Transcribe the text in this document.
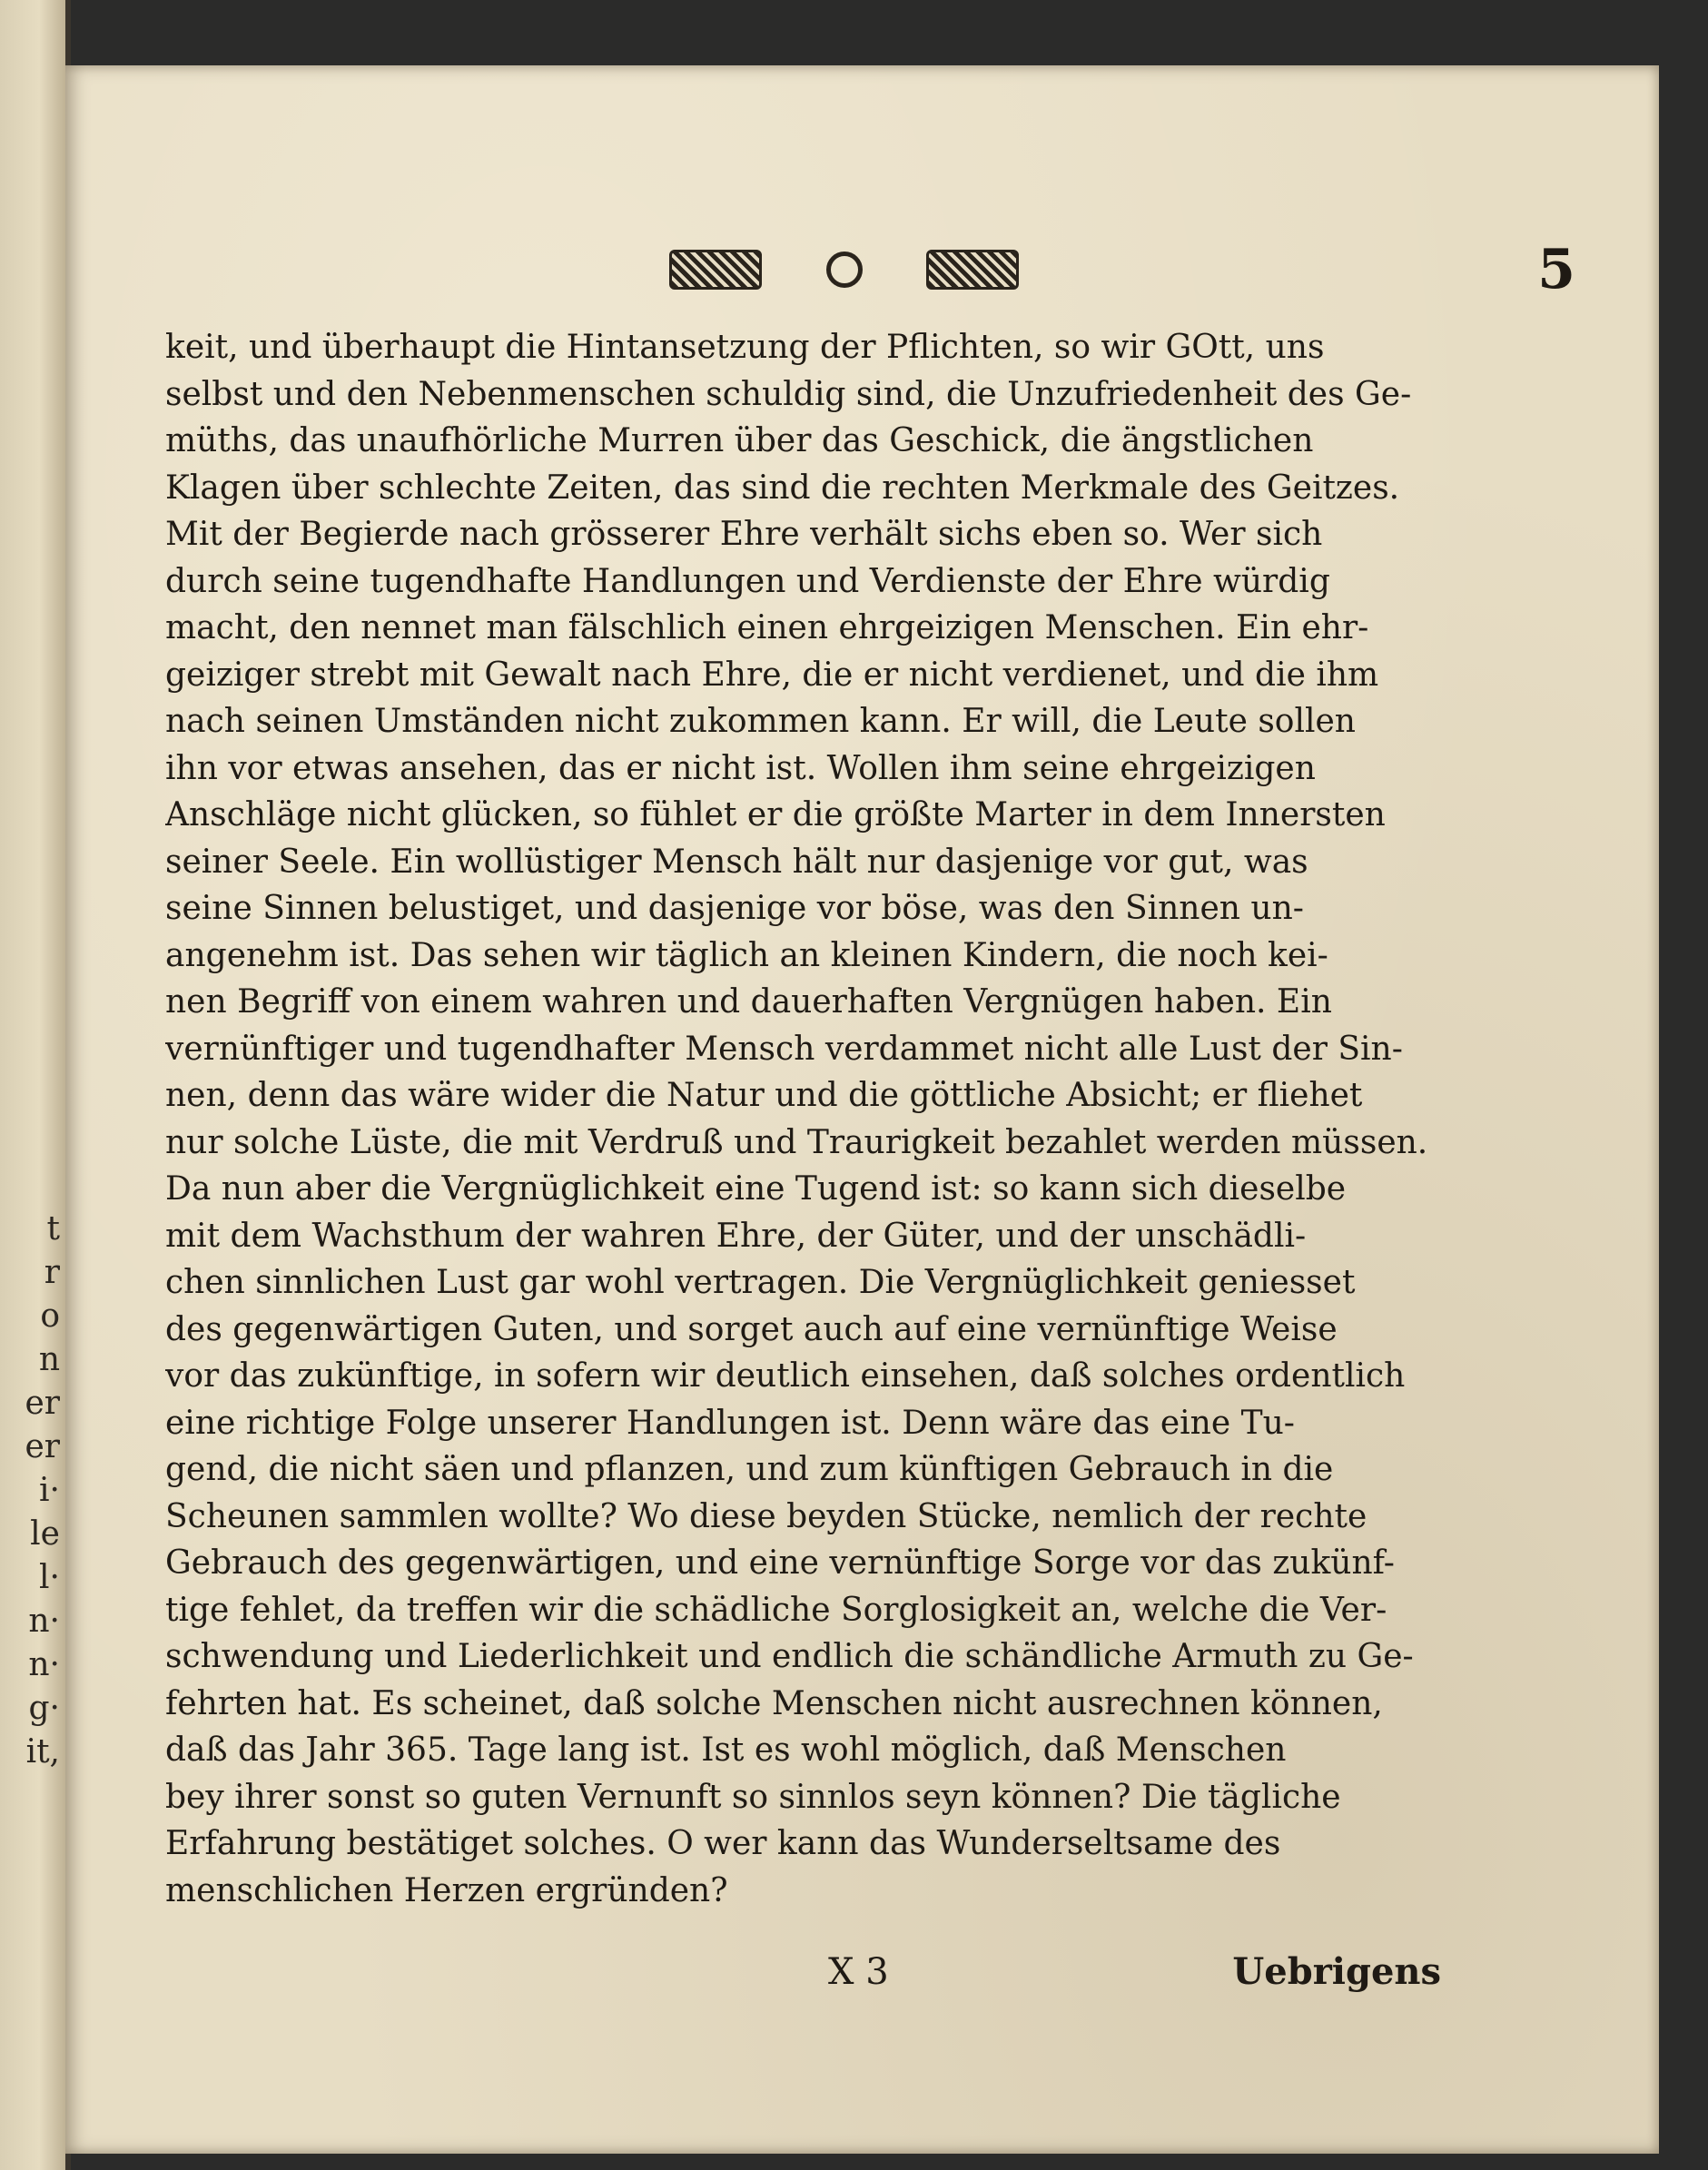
t
r
o
n
er
er
i·
le
l·
n·
n·
g·
it,
5
keit, und überhaupt die Hintansetzung der Pflichten, so wir GOtt, uns
selbst und den Nebenmenschen schuldig sind, die Unzufriedenheit des Ge-
müths, das unaufhörliche Murren über das Geschick, die ängstlichen
Klagen über schlechte Zeiten, das sind die rechten Merkmale des Geitzes.
Mit der Begierde nach grösserer Ehre verhält sichs eben so. Wer sich
durch seine tugendhafte Handlungen und Verdienste der Ehre würdig
macht, den nennet man fälschlich einen ehrgeizigen Menschen. Ein ehr-
geiziger strebt mit Gewalt nach Ehre, die er nicht verdienet, und die ihm
nach seinen Umständen nicht zukommen kann. Er will, die Leute sollen
ihn vor etwas ansehen, das er nicht ist. Wollen ihm seine ehrgeizigen
Anschläge nicht glücken, so fühlet er die größte Marter in dem Innersten
seiner Seele. Ein wollüstiger Mensch hält nur dasjenige vor gut, was
seine Sinnen belustiget, und dasjenige vor böse, was den Sinnen un-
angenehm ist. Das sehen wir täglich an kleinen Kindern, die noch kei-
nen Begriff von einem wahren und dauerhaften Vergnügen haben. Ein
vernünftiger und tugendhafter Mensch verdammet nicht alle Lust der Sin-
nen, denn das wäre wider die Natur und die göttliche Absicht; er fliehet
nur solche Lüste, die mit Verdruß und Traurigkeit bezahlet werden müssen.
Da nun aber die Vergnüglichkeit eine Tugend ist: so kann sich dieselbe
mit dem Wachsthum der wahren Ehre, der Güter, und der unschädli-
chen sinnlichen Lust gar wohl vertragen. Die Vergnüglichkeit geniesset
des gegenwärtigen Guten, und sorget auch auf eine vernünftige Weise
vor das zukünftige, in sofern wir deutlich einsehen, daß solches ordentlich
eine richtige Folge unserer Handlungen ist. Denn wäre das eine Tu-
gend, die nicht säen und pflanzen, und zum künftigen Gebrauch in die
Scheunen sammlen wollte? Wo diese beyden Stücke, nemlich der rechte
Gebrauch des gegenwärtigen, und eine vernünftige Sorge vor das zukünf-
tige fehlet, da treffen wir die schädliche Sorglosigkeit an, welche die Ver-
schwendung und Liederlichkeit und endlich die schändliche Armuth zu Ge-
fehrten hat. Es scheinet, daß solche Menschen nicht ausrechnen können,
daß das Jahr 365. Tage lang ist. Ist es wohl möglich, daß Menschen
bey ihrer sonst so guten Vernunft so sinnlos seyn können? Die tägliche
Erfahrung bestätiget solches. O wer kann das Wunderseltsame des
menschlichen Herzen ergründen?
X 3	Uebrigens
